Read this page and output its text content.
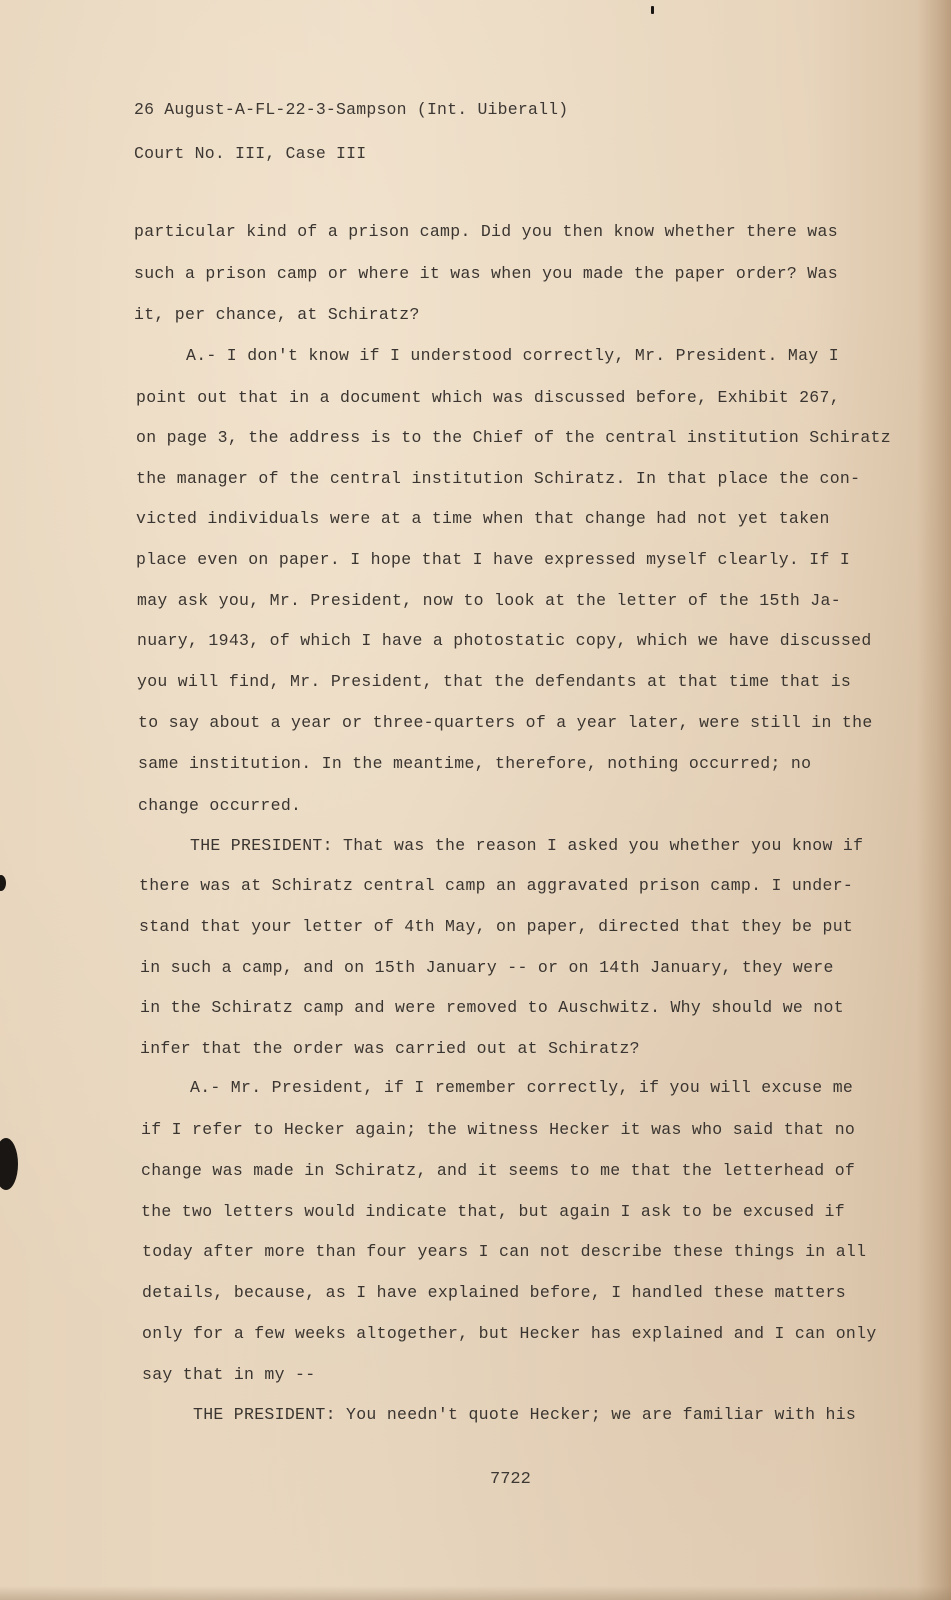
26 August-A-FL-22-3-Sampson (Int. Uiberall)
Court No. III, Case III
particular kind of a prison camp. Did you then know whether there was
such a prison camp or where it was when you made the paper order? Was
it, per chance, at Schiratz?
A.- I don't know if I understood correctly, Mr. President. May I
point out that in a document which was discussed before, Exhibit 267,
on page 3, the address is to the Chief of the central institution Schiratz
the manager of the central institution Schiratz. In that place the con-
victed individuals were at a time when that change had not yet taken
place even on paper. I hope that I have expressed myself clearly. If I
may ask you, Mr. President, now to look at the letter of the 15th Ja-
nuary, 1943, of which I have a photostatic copy, which we have discussed
you will find, Mr. President, that the defendants at that time that is
to say about a year or three-quarters of a year later, were still in the
same institution. In the meantime, therefore, nothing occurred; no
change occurred.
THE PRESIDENT: That was the reason I asked you whether you know if
there was at Schiratz central camp an aggravated prison camp. I under-
stand that your letter of 4th May, on paper, directed that they be put
in such a camp, and on 15th January -- or on 14th January, they were
in the Schiratz camp and were removed to Auschwitz. Why should we not
infer that the order was carried out at Schiratz?
A.- Mr. President, if I remember correctly, if you will excuse me
if I refer to Hecker again; the witness Hecker it was who said that no
change was made in Schiratz, and it seems to me that the letterhead of
the two letters would indicate that, but again I ask to be excused if
today after more than four years I can not describe these things in all
details, because, as I have explained before, I handled these matters
only for a few weeks altogether, but Hecker has explained and I can only
say that in my --
THE PRESIDENT: You needn't quote Hecker; we are familiar with his
7722
